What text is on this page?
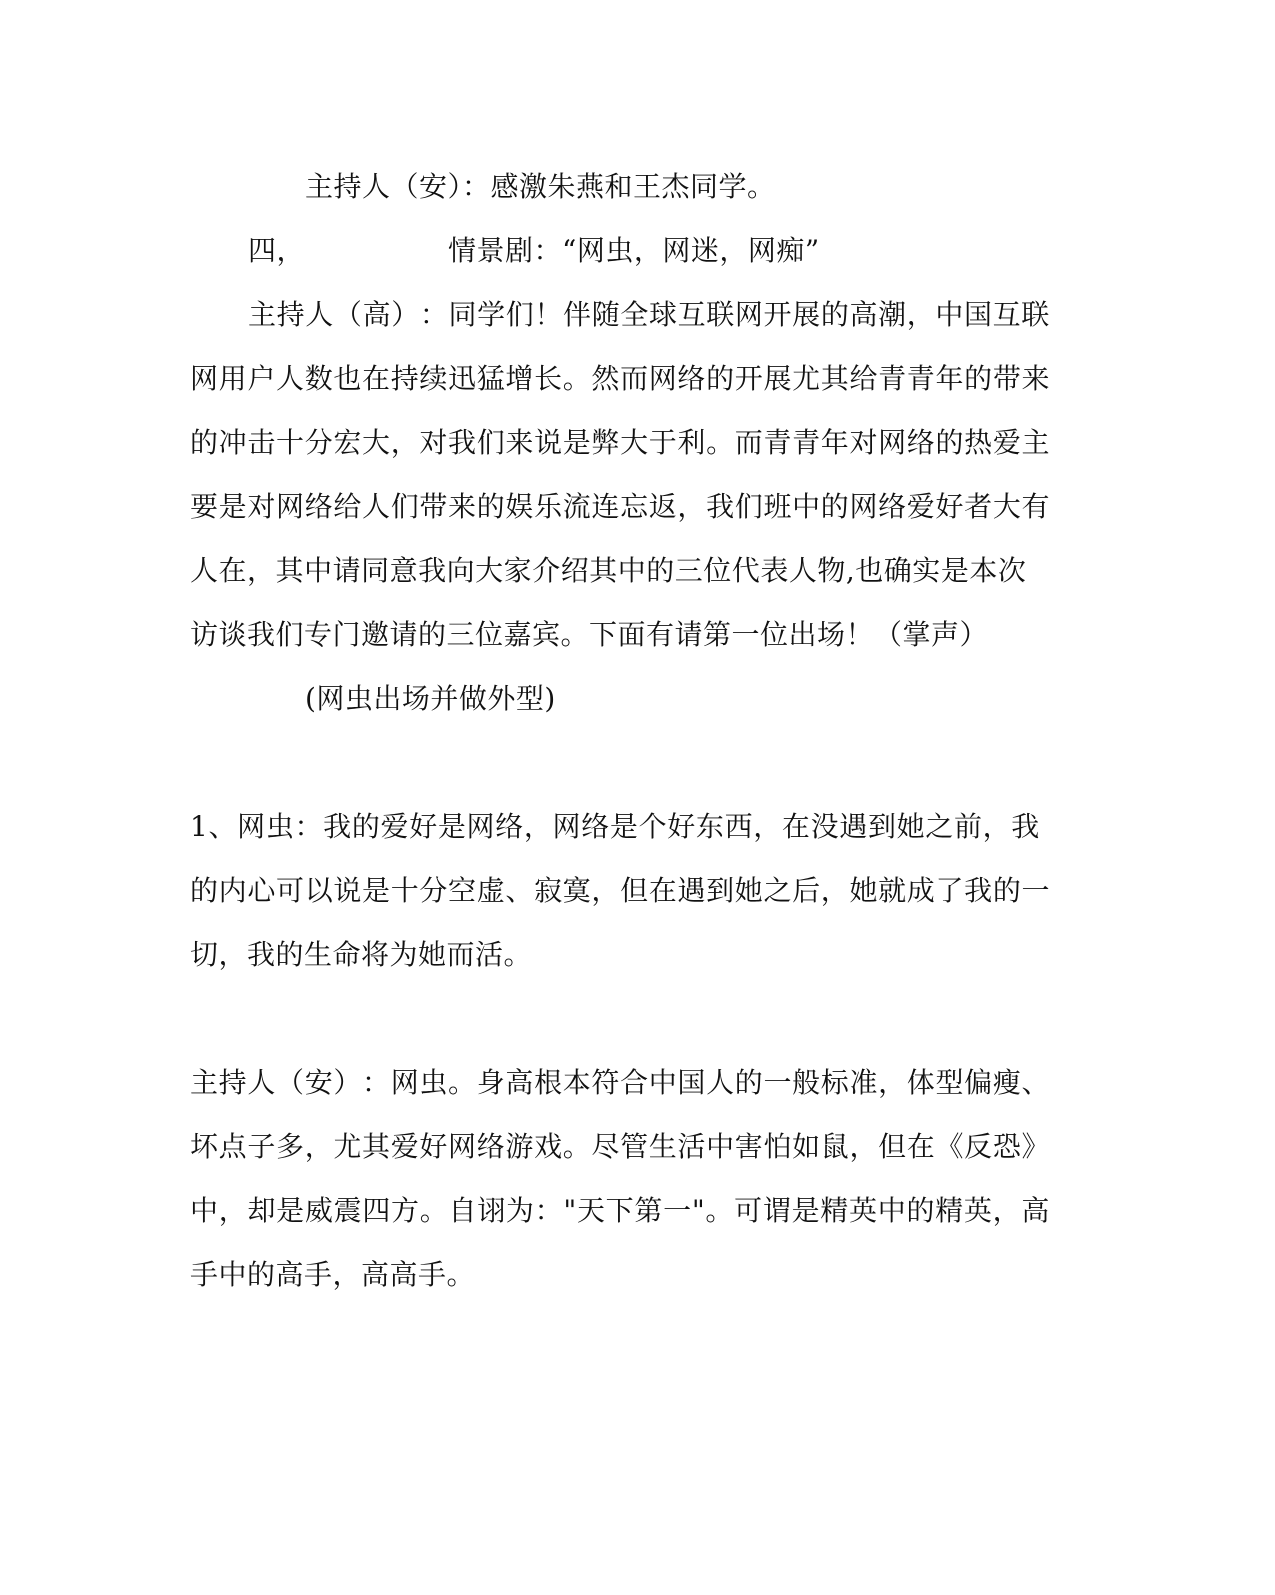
主持人（安）：感激朱燕和王杰同学。
四，	情景剧：“网虫，网迷，网痴”
主 持 人 （ 高 ） ： 同 学 们 ！ 伴 随 全 球 互 联 网 开 展 的 高 潮 ， 中 国 互 联
网 用 户 人 数 也 在 持 续 迅 猛 增 长 。 然 而 网 络 的 开 展 尤 其 给 青 青 年 的 带 来
的 冲 击 十 分 宏 大 ， 对 我 们 来 说 是 弊 大 于 利 。 而 青 青 年 对 网 络 的 热 爱 主
要 是 对 网 络 给 人 们 带 来 的 娱 乐 流 连 忘 返 ， 我 们 班 中 的 网 络 爱 好 者 大 有
人 在 ， 其 中 请 同 意 我 向 大 家 介 绍 其 中 的 三 位 代 表 人 物 , 也 确 实 是 本 次
访谈我们专门邀请的三位嘉宾。下面有请第一位出场！（掌声）
(网虫出场并做外型)
1 、 网 虫 ： 我 的 爱 好 是 网 络 ， 网 络 是 个 好 东 西 ， 在 没 遇 到 她 之 前 ， 我
的 内 心 可 以 说 是 十 分 空 虚 、 寂 寞 ， 但 在 遇 到 她 之 后 ， 她 就 成 了 我 的 一
切，我的生命将为她而活。
主 持 人 （ 安 ） ： 网 虫 。 身 高 根 本 符 合 中 国 人 的 一 般 标 准 ， 体 型 偏 瘦 、
坏 点 子 多 ， 尤 其 爱 好 网 络 游 戏 。 尽 管 生 活 中 害 怕 如 鼠 ， 但 在 《 反 恐 》
中 ， 却 是 威 震 四 方 。 自 诩 为 ： " 天 下 第 一 " 。 可 谓 是 精 英 中 的 精 英 ， 高
手中的高手，高高手。
